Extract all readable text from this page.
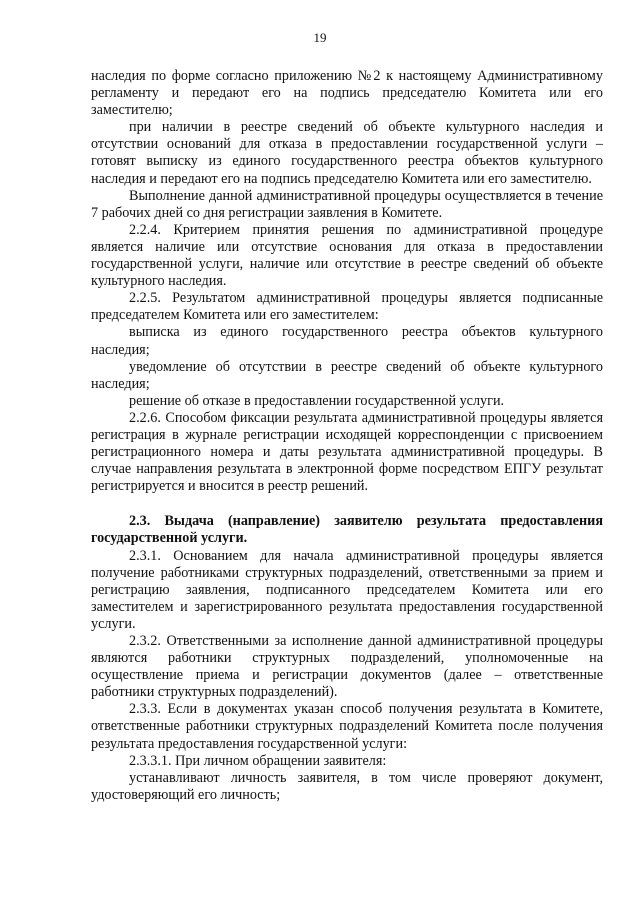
19

наследия по форме согласно приложению №2 к настоящему Административному регламенту и передают его на подпись председателю Комитета или его заместителю;

при наличии в реестре сведений об объекте культурного наследия и отсутствии оснований для отказа в предоставлении государственной услуги – готовят выписку из единого государственного реестра объектов культурного наследия и передают его на подпись председателю Комитета или его заместителю.

Выполнение данной административной процедуры осуществляется в течение 7 рабочих дней со дня регистрации заявления в Комитете.

2.2.4. Критерием принятия решения по административной процедуре является наличие или отсутствие основания для отказа в предоставлении государственной услуги, наличие или отсутствие в реестре сведений об объекте культурного наследия.

2.2.5. Результатом административной процедуры является подписанные председателем Комитета или его заместителем:

выписка из единого государственного реестра объектов культурного наследия;

уведомление об отсутствии в реестре сведений об объекте культурного наследия;

решение об отказе в предоставлении государственной услуги.

2.2.6. Способом фиксации результата административной процедуры является регистрация в журнале регистрации исходящей корреспонденции с присвоением регистрационного номера и даты результата административной процедуры. В случае направления результата в электронной форме посредством ЕПГУ результат регистрируется и вносится в реестр решений.

2.3. Выдача (направление) заявителю результата предоставления государственной услуги.

2.3.1. Основанием для начала административной процедуры является получение работниками структурных подразделений, ответственными за прием и регистрацию заявления, подписанного председателем Комитета или его заместителем и зарегистрированного результата предоставления государственной услуги.

2.3.2. Ответственными за исполнение данной административной процедуры являются работники структурных подразделений, уполномоченные на осуществление приема и регистрации документов (далее – ответственные работники структурных подразделений).

2.3.3. Если в документах указан способ получения результата в Комитете, ответственные работники структурных подразделений Комитета после получения результата предоставления государственной услуги:

2.3.3.1. При личном обращении заявителя:

устанавливают личность заявителя, в том числе проверяют документ, удостоверяющий его личность;
